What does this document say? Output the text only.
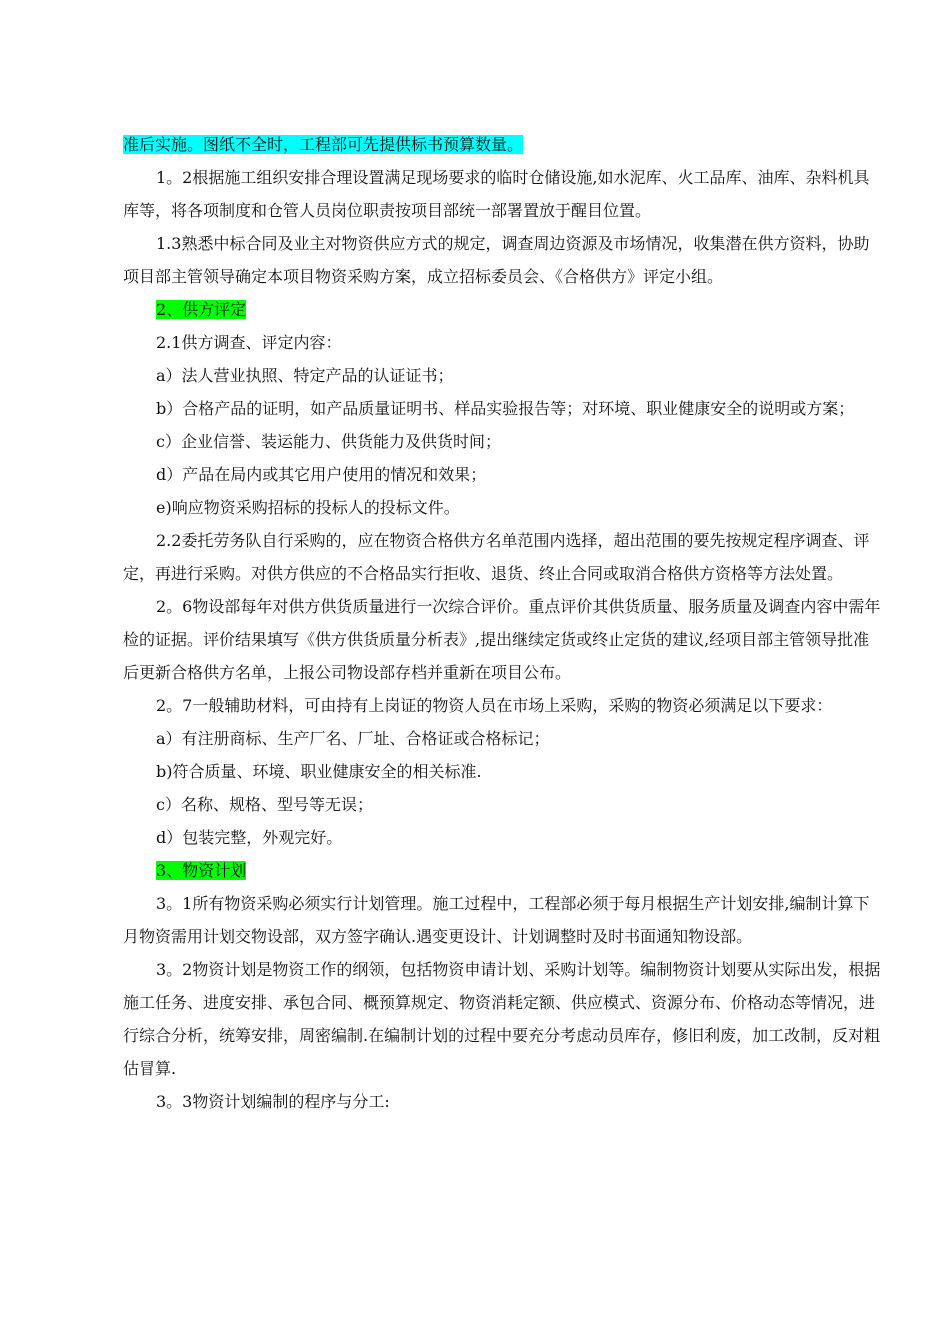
准后实施。图纸不全时，工程部可先提供标书预算数量。

1。2根据施工组织安排合理设置满足现场要求的临时仓储设施,如水泥库、火工品库、油库、杂料机具库等，将各项制度和仓管人员岗位职责按项目部统一部署置放于醒目位置。

1.3熟悉中标合同及业主对物资供应方式的规定，调查周边资源及市场情况，收集潜在供方资料，协助项目部主管领导确定本项目物资采购方案，成立招标委员会、《合格供方》评定小组。

2、供方评定

2.1供方调查、评定内容：

a）法人营业执照、特定产品的认证证书；

b）合格产品的证明，如产品质量证明书、样品实验报告等；对环境、职业健康安全的说明或方案；

c）企业信誉、装运能力、供货能力及供货时间；

d）产品在局内或其它用户使用的情况和效果；

e)响应物资采购招标的投标人的投标文件。

2.2委托劳务队自行采购的，应在物资合格供方名单范围内选择，超出范围的要先按规定程序调查、评定，再进行采购。对供方供应的不合格品实行拒收、退货、终止合同或取消合格供方资格等方法处置。

2。6物设部每年对供方供货质量进行一次综合评价。重点评价其供货质量、服务质量及调查内容中需年检的证据。评价结果填写《供方供货质量分析表》,提出继续定货或终止定货的建议,经项目部主管领导批准后更新合格供方名单，上报公司物设部存档并重新在项目公布。

2。7一般辅助材料，可由持有上岗证的物资人员在市场上采购，采购的物资必须满足以下要求：

a）有注册商标、生产厂名、厂址、合格证或合格标记；

b)符合质量、环境、职业健康安全的相关标准.

c）名称、规格、型号等无误；

d）包装完整，外观完好。

3、物资计划

3。1所有物资采购必须实行计划管理。施工过程中，工程部必须于每月根据生产计划安排,编制计算下月物资需用计划交物设部，双方签字确认.遇变更设计、计划调整时及时书面通知物设部。

3。2物资计划是物资工作的纲领，包括物资申请计划、采购计划等。编制物资计划要从实际出发，根据施工任务、进度安排、承包合同、概预算规定、物资消耗定额、供应模式、资源分布、价格动态等情况，进行综合分析，统筹安排，周密编制.在编制计划的过程中要充分考虑动员库存，修旧利废，加工改制，反对粗估冒算.

3。3物资计划编制的程序与分工:
